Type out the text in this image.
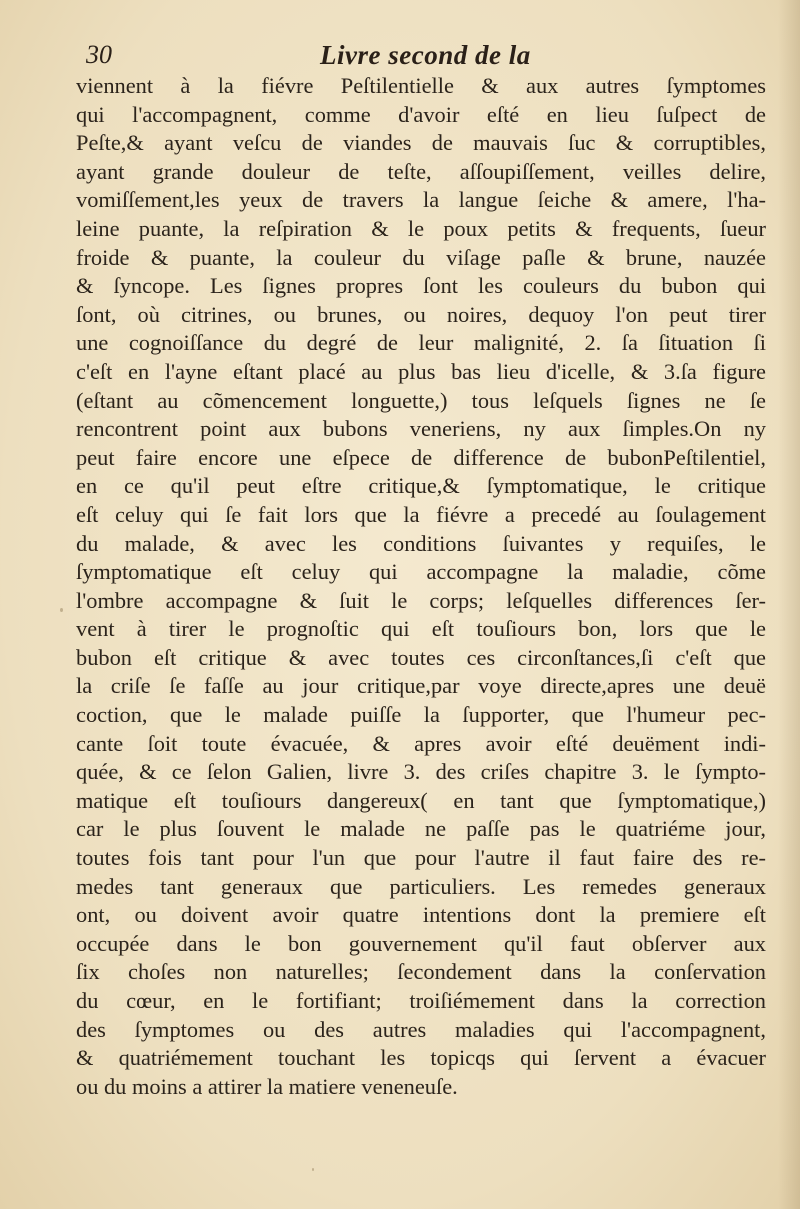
30	Livre second de la
viennent à la fiévre Peſtilentielle & aux autres ſymptomes
qui l'accompagnent, comme d'avoir eſté en lieu ſuſpect de
Peſte,& ayant veſcu de viandes de mauvais ſuc & corruptibles,
ayant grande douleur de teſte, aſſoupiſſement, veilles delire,
vomiſſement,les yeux de travers la langue ſeiche & amere, l'ha-
leine puante, la reſpiration & le poux petits & frequents, ſueur
froide & puante, la couleur du viſage paſle & brune, nauzée
& ſyncope. Les ſignes propres ſont les couleurs du bubon qui
ſont, où citrines, ou brunes, ou noires, dequoy l'on peut tirer
une cognoiſſance du degré de leur malignité, 2. ſa ſituation ſi
c'eſt en l'ayne eſtant placé au plus bas lieu d'icelle, & 3.ſa figure
(eſtant au cõmencement longuette,) tous leſquels ſignes ne ſe
rencontrent point aux bubons veneriens, ny aux ſimples.On ny
peut faire encore une eſpece de difference de bubonPeſtilentiel,
en ce qu'il peut eſtre critique,& ſymptomatique, le critique
eſt celuy qui ſe fait lors que la fiévre a precedé au ſoulagement
du malade, & avec les conditions ſuivantes y requiſes, le
ſymptomatique eſt celuy qui accompagne la maladie, cõme
l'ombre accompagne & ſuit le corps; leſquelles differences ſer-
vent à tirer le prognoſtic qui eſt touſiours bon, lors que le
bubon eſt critique & avec toutes ces circonſtances,ſi c'eſt que
la criſe ſe faſſe au jour critique,par voye directe,apres une deuë
coction, que le malade puiſſe la ſupporter, que l'humeur pec-
cante ſoit toute évacuée, & apres avoir eſté deuëment indi-
quée, & ce ſelon Galien, livre 3. des criſes chapitre 3. le ſympto-
matique eſt touſiours dangereux( en tant que ſymptomatique,)
car le plus ſouvent le malade ne paſſe pas le quatriéme jour,
toutes fois tant pour l'un que pour l'autre il faut faire des re-
medes tant generaux que particuliers. Les remedes generaux
ont, ou doivent avoir quatre intentions dont la premiere eſt
occupée dans le bon gouvernement qu'il faut obſerver aux
ſix choſes non naturelles; ſecondement dans la conſervation
du cœur, en le fortifiant; troiſiémement dans la correction
des ſymptomes ou des autres maladies qui l'accompagnent,
& quatriémement touchant les topicqs qui ſervent a évacuer
ou du moins a attirer la matiere veneneuſe.
